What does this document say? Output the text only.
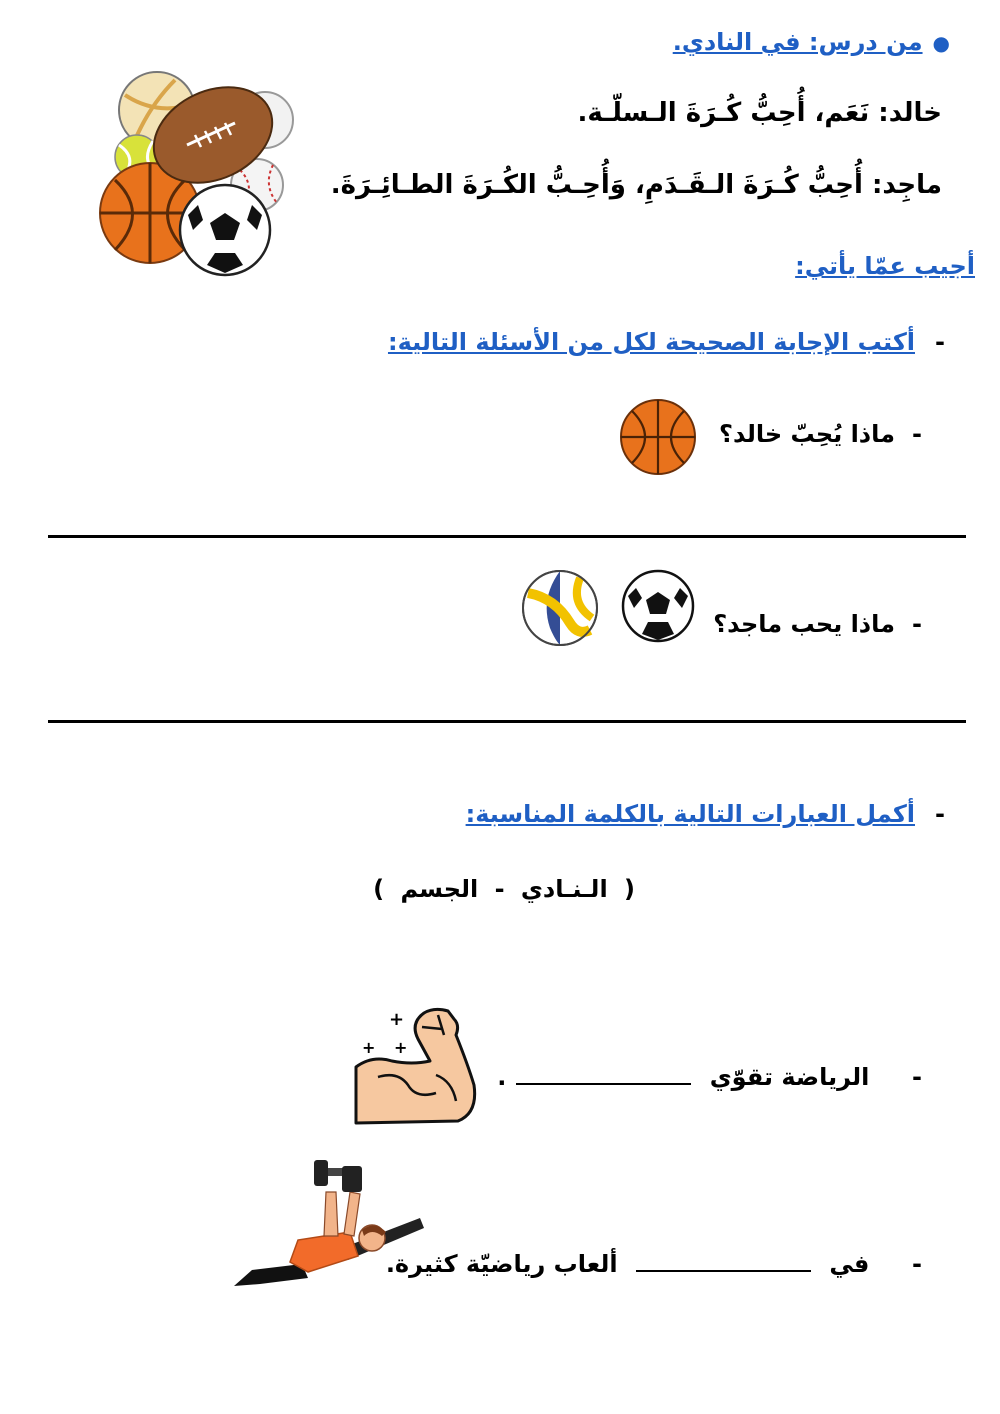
●من درس: في النادي.
خالد: نَعَم، أُحِبُّ كُـرَةَ الـسلّـة.
ماجِد: أُحِبُّ كُـرَةَ الـقَـدَمِ، وَأُحِـبُّ الكُـرَةَ الطـائِـرَةَ.
أجيب عمّا يأتي:
-
أكتب الإجابة الصحيحة لكل من الأسئلة التالية:
-
ماذا يُحِبّ خالد؟
-
ماذا يحب ماجد؟
-
أكمل العبارات التالية بالكلمة المناسبة:
( الـنـادي - الجسم )
-  الرياضة تقوّي .
+
+ +
-  في  ألعاب رياضيّة كثيرة.
